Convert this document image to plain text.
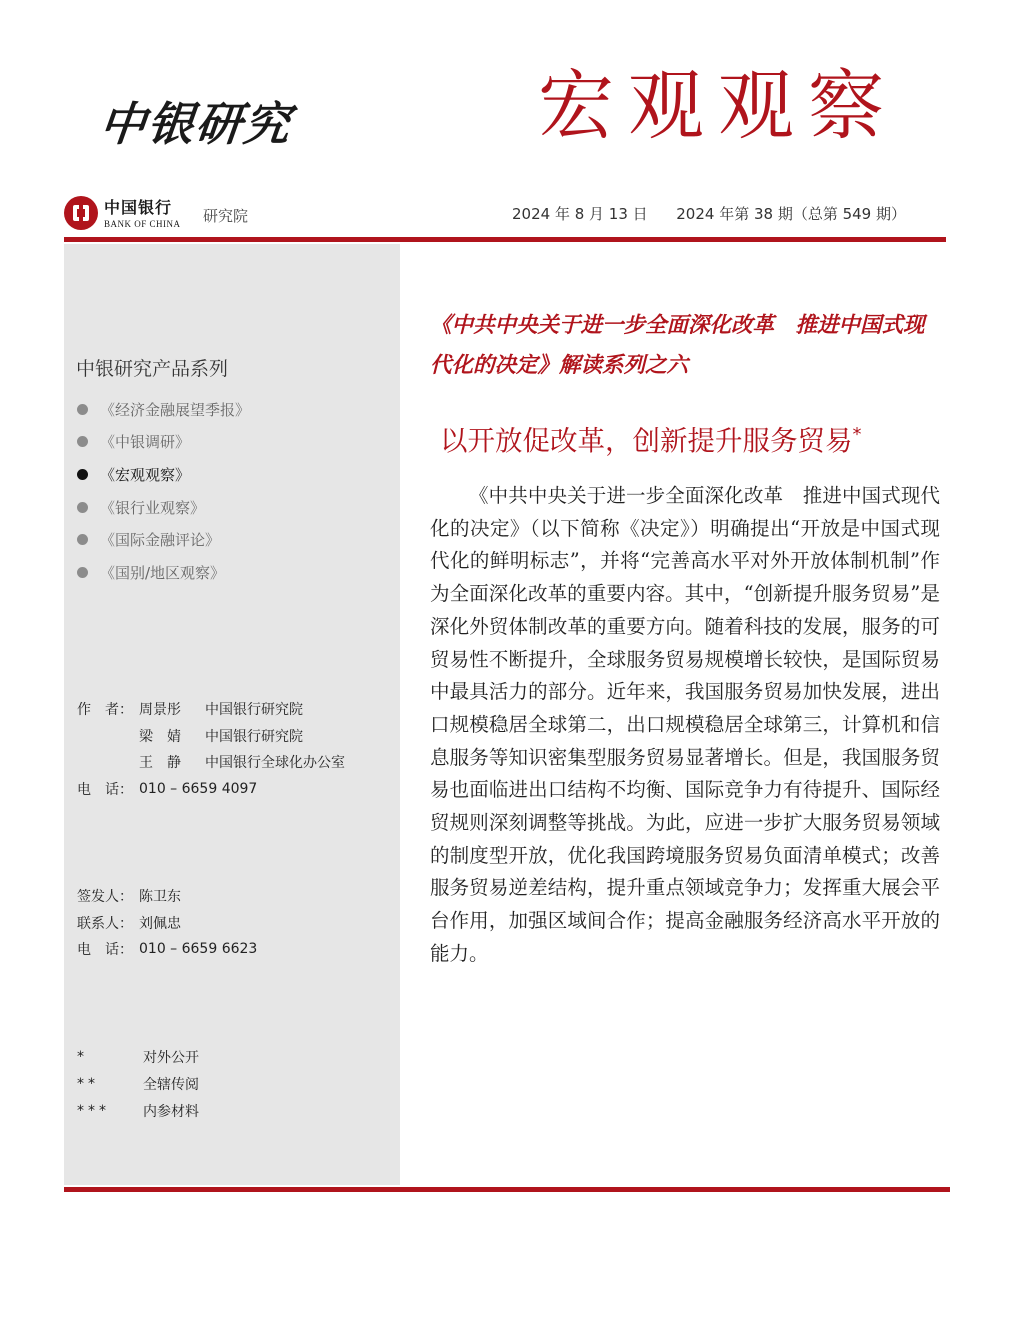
中银研究	宏观观察
中国银行
BANK OF CHINA 研究院	2024 年 8 月 13 日 2024 年第 38 期（总第 549 期）
中银研究产品系列
《经济金融展望季报》
《中银调研》
《宏观观察》
《银行业观察》
《国际金融评论》
《国别/地区观察》
作　者： 周景彤	中国银行研究院
梁　婧	中国银行研究院
王　静	中国银行全球化办公室
电　话： 010 – 6659 4097
签发人： 陈卫东
联系人： 刘佩忠
电　话： 010 – 6659 6623
*	对外公开
**	全辖传阅
***	内参材料
《中共中央关于进一步全面深化改革　推进中国式现代化的决定》解读系列之六
以开放促改革，创新提升服务贸易*

《中共中央关于进一步全面深化改革　推进中国式现代化的决定》（以下简称《决定》）明确提出“开放是中国式现代化的鲜明标志”，并将“完善高水平对外开放体制机制”作为全面深化改革的重要内容。其中，“创新提升服务贸易”是深化外贸体制改革的重要方向。随着科技的发展，服务的可贸易性不断提升，全球服务贸易规模增长较快，是国际贸易中最具活力的部分。近年来，我国服务贸易加快发展，进出口规模稳居全球第二，出口规模稳居全球第三，计算机和信息服务等知识密集型服务贸易显著增长。但是，我国服务贸易也面临进出口结构不均衡、国际竞争力有待提升、国际经贸规则深刻调整等挑战。为此，应进一步扩大服务贸易领域的制度型开放，优化我国跨境服务贸易负面清单模式；改善服务贸易逆差结构，提升重点领域竞争力；发挥重大展会平台作用，加强区域间合作；提高金融服务经济高水平开放的能力。
